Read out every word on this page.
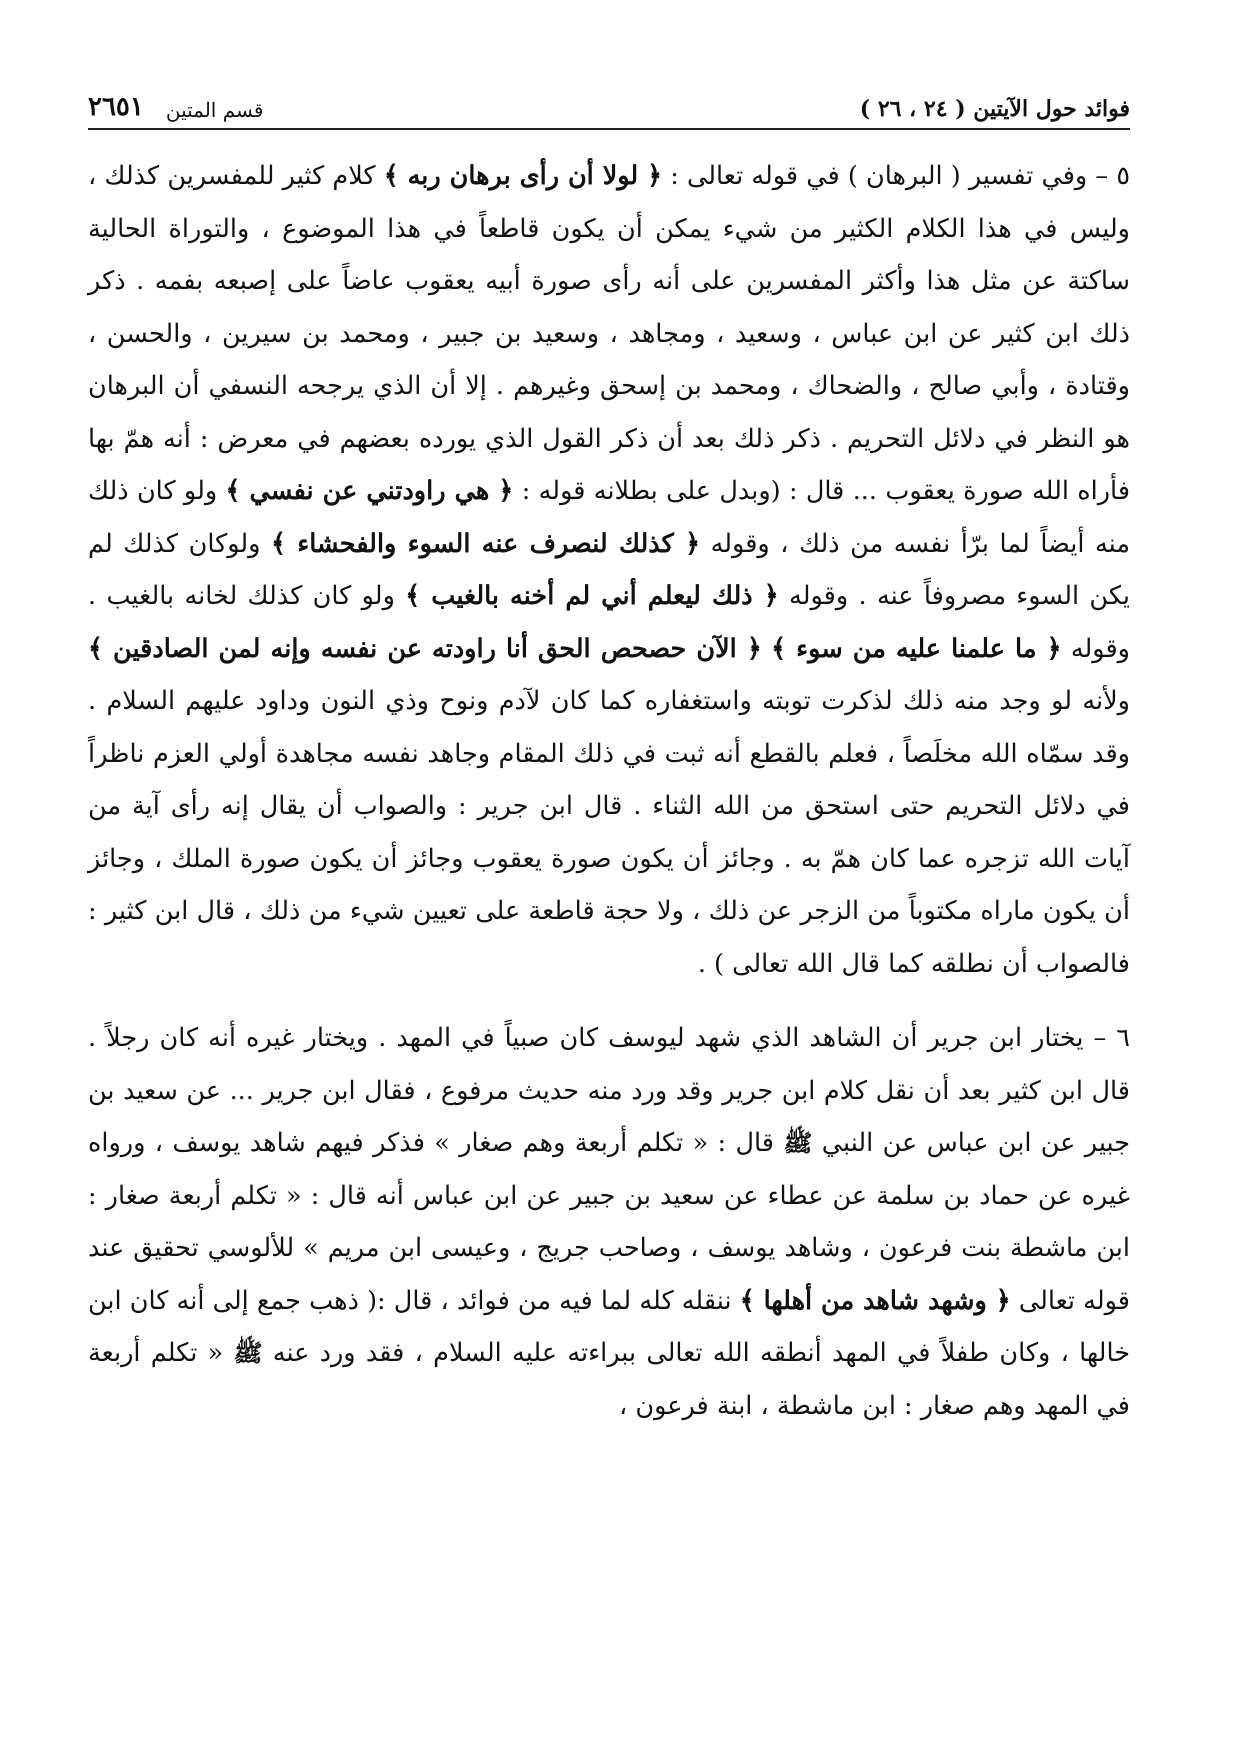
فوائد حول الآيتين ( ٢٤ ، ٢٦ )
قسم المتين
٢٦٥١

٥ – وفي تفسير ( البرهان ) في قوله تعالى : ﴿ لولا أن رأى برهان ربه ﴾ كلام كثير للمفسرين كذلك ، وليس في هذا الكلام الكثير من شيء يمكن أن يكون قاطعاً في هذا الموضوع ، والتوراة الحالية ساكتة عن مثل هذا وأكثر المفسرين على أنه رأى صورة أبيه يعقوب عاضاً على إصبعه بفمه . ذكر ذلك ابن كثير عن ابن عباس ، وسعيد ، ومجاهد ، وسعيد بن جبير ، ومحمد بن سيرين ، والحسن ، وقتادة ، وأبي صالح ، والضحاك ، ومحمد بن إسحق وغيرهم . إلا أن الذي يرجحه النسفي أن البرهان هو النظر في دلائل التحريم . ذكر ذلك بعد أن ذكر القول الذي يورده بعضهم في معرض : أنه همّ بها فأراه الله صورة يعقوب ... قال : (وبدل على بطلانه قوله : ﴿ هي راودتني عن نفسي ﴾ ولو كان ذلك منه أيضاً لما برّأ نفسه من ذلك ، وقوله ﴿ كذلك لنصرف عنه السوء والفحشاء ﴾ ولوكان كذلك لم يكن السوء مصروفاً عنه . وقوله ﴿ ذلك ليعلم أني لم أخنه بالغيب ﴾ ولو كان كذلك لخانه بالغيب . وقوله ﴿ ما علمنا عليه من سوء ﴾ ﴿ الآن حصحص الحق أنا راودته عن نفسه وإنه لمن الصادقين ﴾ ولأنه لو وجد منه ذلك لذكرت توبته واستغفاره كما كان لآدم ونوح وذي النون وداود عليهم السلام . وقد سمّاه الله مخلَصاً ، فعلم بالقطع أنه ثبت في ذلك المقام وجاهد نفسه مجاهدة أولي العزم ناظراً في دلائل التحريم حتى استحق من الله الثناء . قال ابن جرير : والصواب أن يقال إنه رأى آية من آيات الله تزجره عما كان همّ به . وجائز أن يكون صورة يعقوب وجائز أن يكون صورة الملك ، وجائز أن يكون ماراه مكتوباً من الزجر عن ذلك ، ولا حجة قاطعة على تعيين شيء من ذلك ، قال ابن كثير : فالصواب أن نطلقه كما قال الله تعالى ) .

٦ – يختار ابن جرير أن الشاهد الذي شهد ليوسف كان صبياً في المهد . ويختار غيره أنه كان رجلاً . قال ابن كثير بعد أن نقل كلام ابن جرير وقد ورد منه حديث مرفوع ، فقال ابن جرير ... عن سعيد بن جبير عن ابن عباس عن النبي ﷺ قال : « تكلم أربعة وهم صغار » فذكر فيهم شاهد يوسف ، ورواه غيره عن حماد بن سلمة عن عطاء عن سعيد بن جبير عن ابن عباس أنه قال : « تكلم أربعة صغار : ابن ماشطة بنت فرعون ، وشاهد يوسف ، وصاحب جريج ، وعيسى ابن مريم » للألوسي تحقيق عند قوله تعالى ﴿ وشهد شاهد من أهلها ﴾ ننقله كله لما فيه من فوائد ، قال :( ذهب جمع إلى أنه كان ابن خالها ، وكان طفلاً في المهد أنطقه الله تعالى ببراءته عليه السلام ، فقد ورد عنه ﷺ « تكلم أربعة في المهد وهم صغار : ابن ماشطة ، ابنة فرعون ،
